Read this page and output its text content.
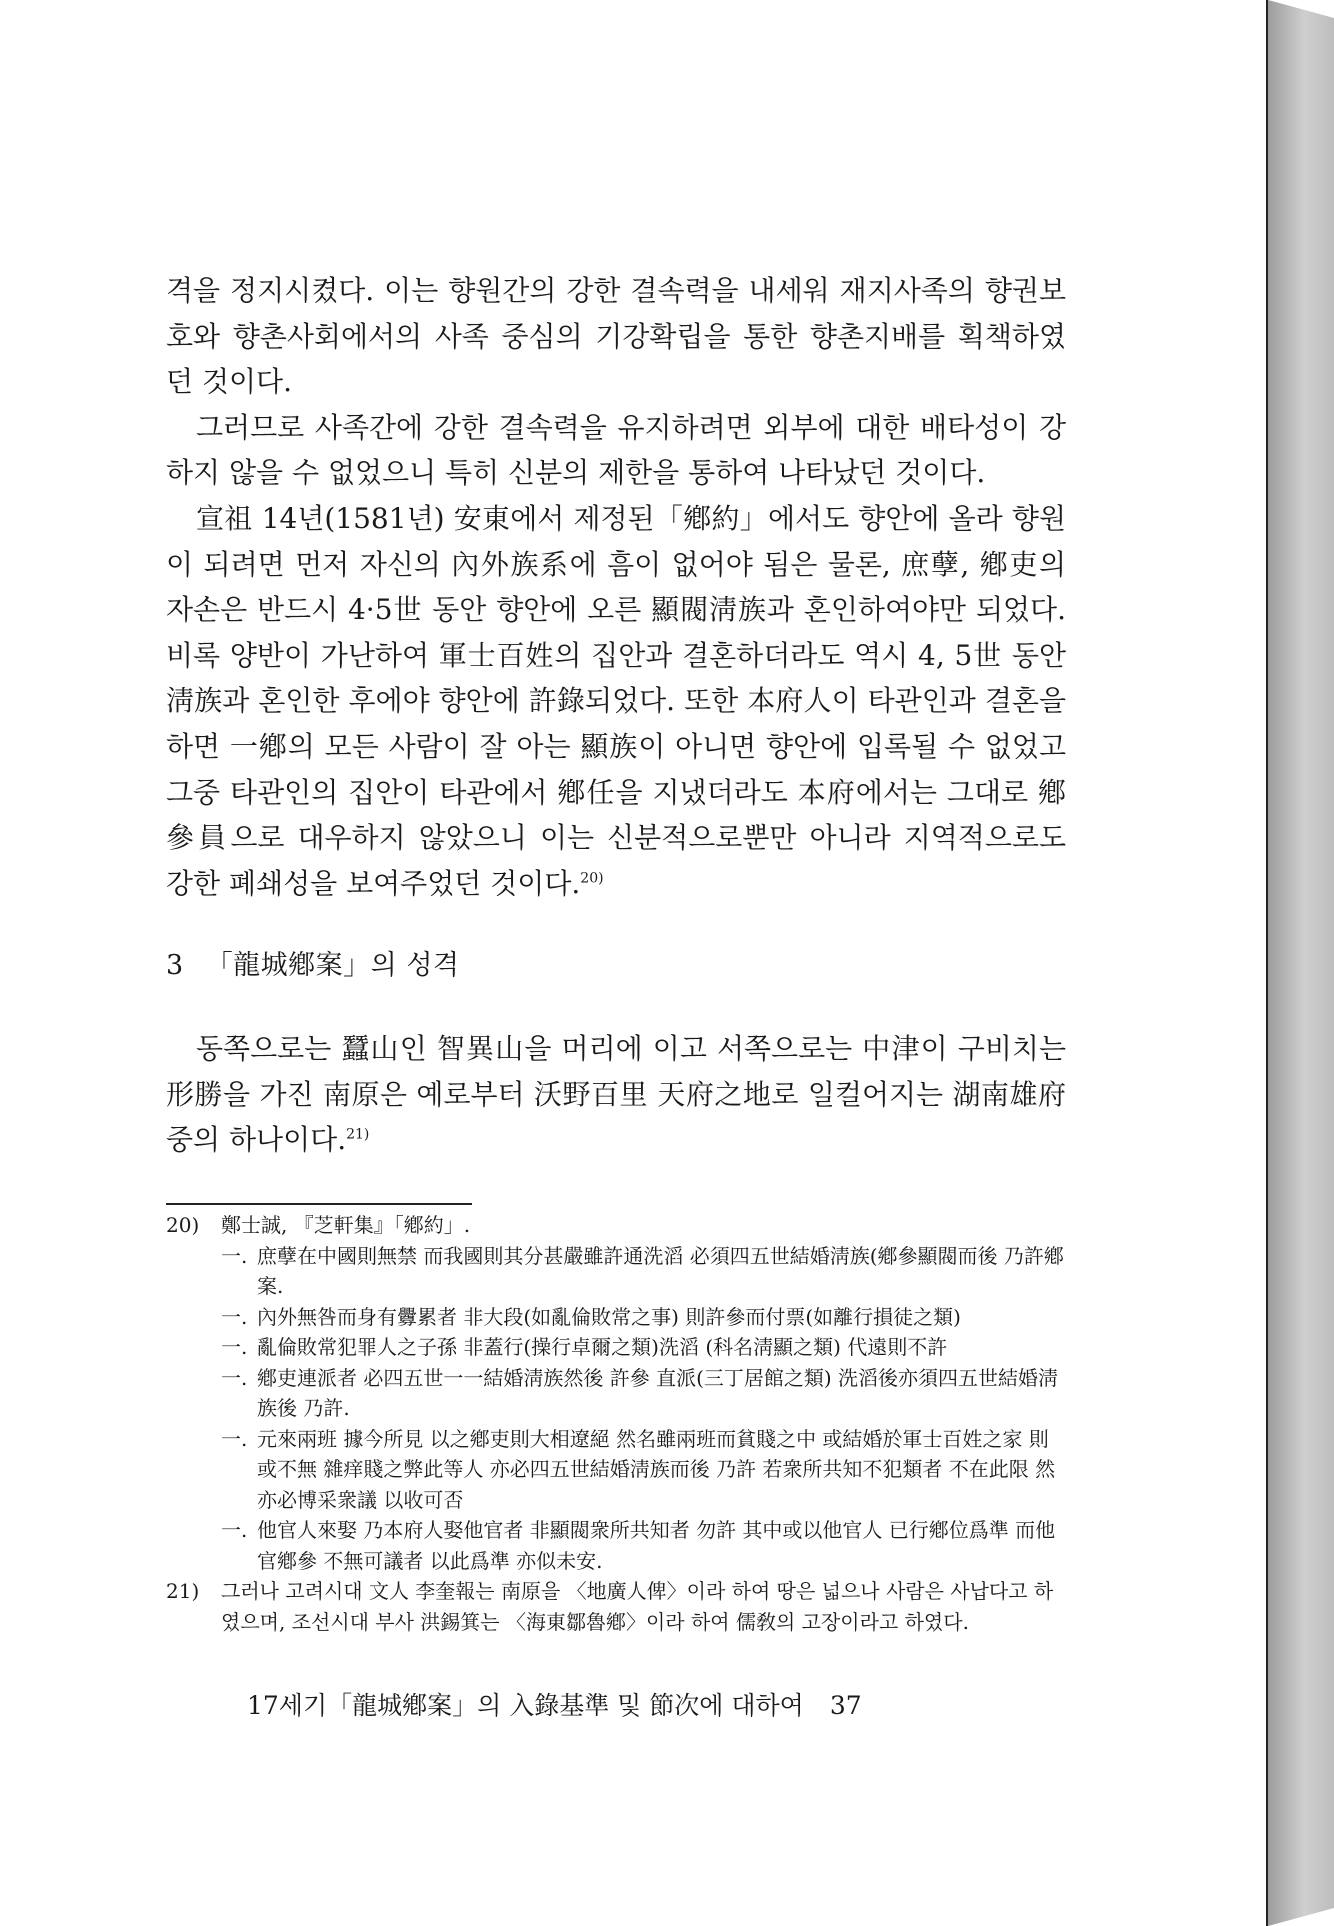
격을 정지시켰다. 이는 향원간의 강한 결속력을 내세워 재지사족의 향권보호와 향촌사회에서의 사족 중심의 기강확립을 통한 향촌지배를 획책하였던 것이다.

그러므로 사족간에 강한 결속력을 유지하려면 외부에 대한 배타성이 강하지 않을 수 없었으니 특히 신분의 제한을 통하여 나타났던 것이다.

宣祖 14년(1581년) 安東에서 제정된「鄕約」에서도 향안에 올라 향원이 되려면 먼저 자신의 內外族系에 흠이 없어야 됨은 물론, 庶孽, 鄕吏의 자손은 반드시 4·5世 동안 향안에 오른 顯閥淸族과 혼인하여야만 되었다. 비록 양반이 가난하여 軍士百姓의 집안과 결혼하더라도 역시 4, 5世 동안 淸族과 혼인한 후에야 향안에 許錄되었다. 또한 本府人이 타관인과 결혼을 하면 一鄕의 모든 사람이 잘 아는 顯族이 아니면 향안에 입록될 수 없었고 그중 타관인의 집안이 타관에서 鄕任을 지냈더라도 本府에서는 그대로 鄕參員으로 대우하지 않았으니 이는 신분적으로뿐만 아니라 지역적으로도 강한 폐쇄성을 보여주었던 것이다.$^{20)}$

3 「龍城鄕案」의 성격

동쪽으로는 蠶山인 智異山을 머리에 이고 서쪽으로는 中津이 구비치는 形勝을 가진 南原은 예로부터 沃野百里 天府之地로 일컬어지는 湖南雄府 중의 하나이다.$^{21)}$

20)	鄭士誠, 『芝軒集』「鄕約」.
一. 庶孽在中國則無禁 而我國則其分甚嚴雖許通洗滔 必須四五世結婚淸族(鄕參顯閥而後 乃許鄕案.
一. 內外無咎而身有釁累者 非大段(如亂倫敗常之事) 則許參而付票(如離行損徒之類)
一. 亂倫敗常犯罪人之子孫 非蓋行(操行卓爾之類)洗滔 (科名淸顯之類) 代遠則不許
一. 鄕吏連派者 必四五世一一結婚淸族然後 許參 直派(三丁居館之類) 洗滔後亦須四五世結婚淸族後 乃許.
一. 元來兩班 據今所見 以之鄕吏則大相遼絕 然名雖兩班而貧賤之中 或結婚於軍士百姓之家 則或不無 雜痒賤之弊此等人 亦必四五世結婚淸族而後 乃許 若衆所共知不犯類者 不在此限 然亦必博采衆議 以收可否
一. 他官人來娶 乃本府人娶他官者 非顯閥衆所共知者 勿許 其中或以他官人 已行鄕位爲準 而他官鄕參 不無可議者 以此爲準 亦似未安.
21)	그러나 고려시대 文人 李奎報는 南原을 〈地廣人俾〉이라 하여 땅은 넓으나 사람은 사납다고 하였으며, 조선시대 부사 洪錫箕는 〈海東鄒魯鄕〉이라 하여 儒敎의 고장이라고 하였다.
17세기「龍城鄕案」의 入錄基準 및 節次에 대하여 37
